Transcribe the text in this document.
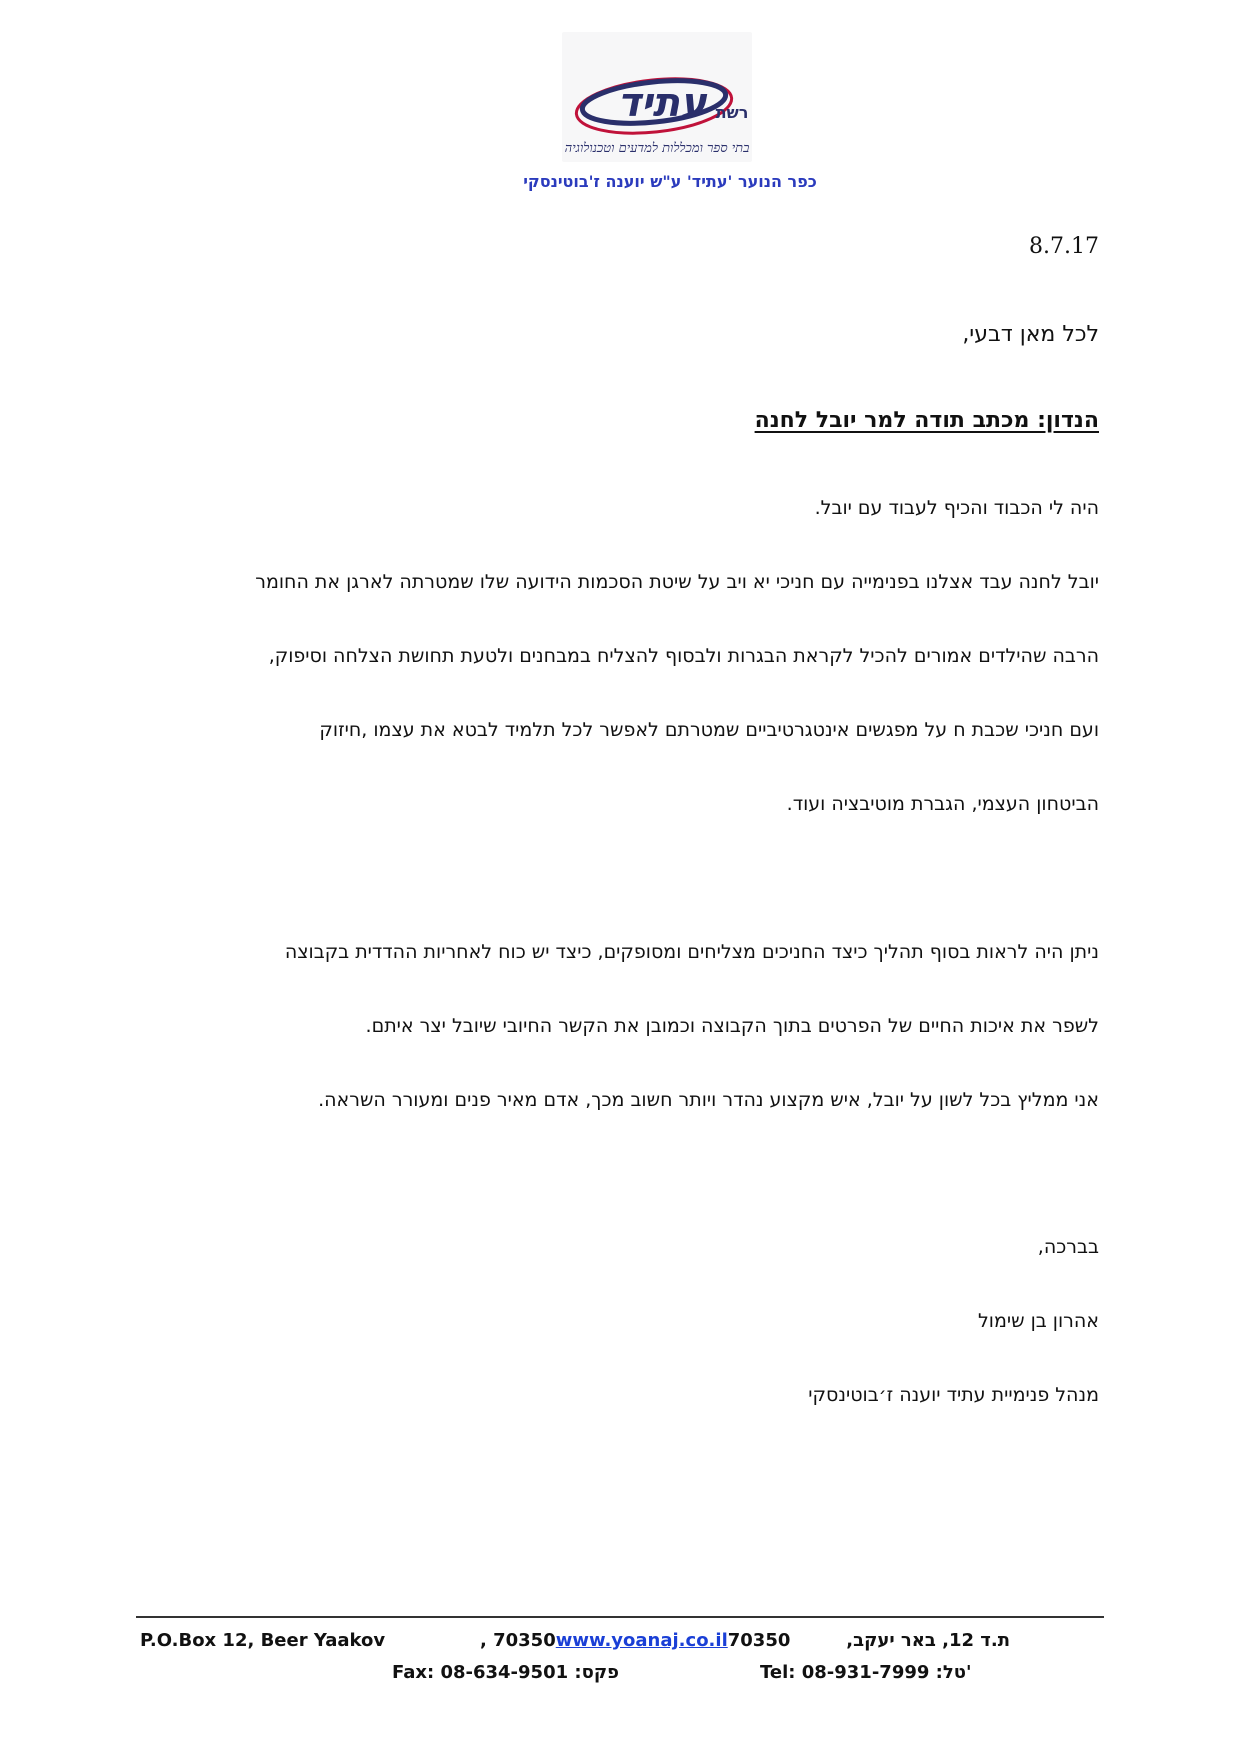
עתיד רשת
בתי ספר ומכללות למדעים וטכנולוגיה
כפר הנוער 'עתיד' ע"ש יוענה ז'בוטינסקי
8.7.17
לכל מאן דבעי,
הנדון: מכתב תודה למר יובל לחנה
היה לי הכבוד והכיף לעבוד עם יובל.
יובל לחנה עבד אצלנו בפנימייה עם חניכי יא ויב על שיטת הסכמות הידועה שלו שמטרתה לארגן את החומר
הרבה שהילדים אמורים להכיל לקראת הבגרות ולבסוף להצליח במבחנים ולטעת תחושת הצלחה וסיפוק,
ועם חניכי שכבת ח על מפגשים אינטגרטיביים שמטרתם לאפשר לכל תלמיד לבטא את עצמו ,חיזוק
הביטחון העצמי, הגברת מוטיבציה ועוד.
ניתן היה לראות בסוף תהליך כיצד החניכים מצליחים ומסופקים, כיצד יש כוח לאחריות ההדדית בקבוצה
לשפר את איכות החיים של הפרטים בתוך הקבוצה וכמובן את הקשר החיובי שיובל יצר איתם.
אני ממליץ בכל לשון על יובל, איש מקצוע נהדר ויותר חשוב מכך, אדם מאיר פנים ומעורר השראה.
בברכה,
אהרון בן שימול
מנהל פנימיית עתיד יוענה ז׳בוטינסקי
P.O.Box 12, Beer Yaakov	, 70350www.yoanaj.co.il70350	ת.ד 12, באר יעקב,
Fax: 08-634-9501 :פקס	Tel: 08-931-7999 :טל'
